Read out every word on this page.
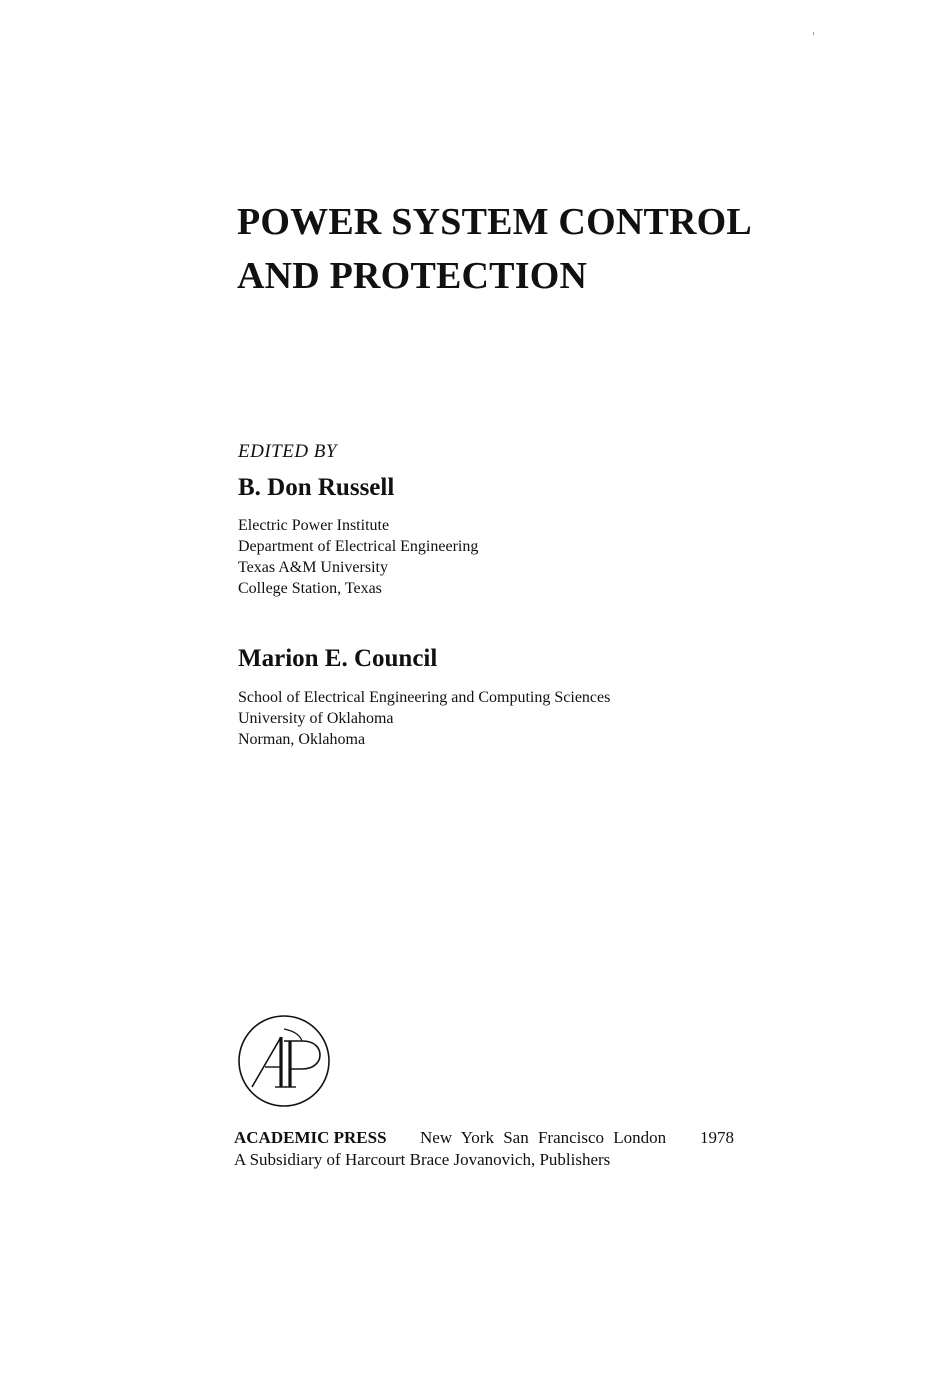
POWER SYSTEM CONTROL
AND PROTECTION
EDITED BY
B. Don Russell
Electric Power Institute
Department of Electrical Engineering
Texas A&M University
College Station, Texas
Marion E. Council
School of Electrical Engineering and Computing Sciences
University of Oklahoma
Norman, Oklahoma
ACADEMIC PRESS New York San Francisco London 1978
A Subsidiary of Harcourt Brace Jovanovich, Publishers
